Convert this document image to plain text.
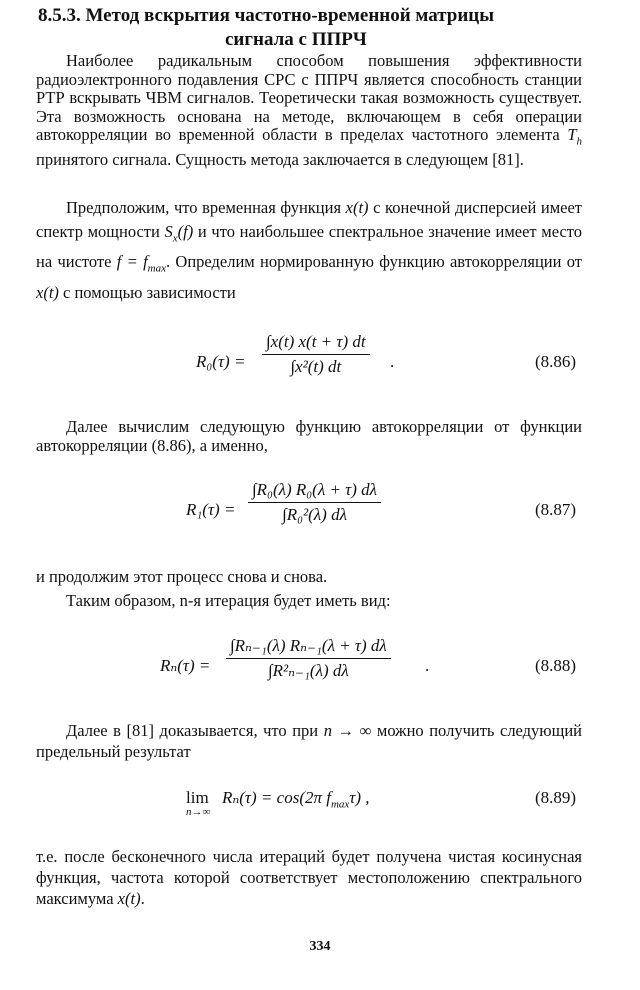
8.5.3. Метод вскрытия частотно-временной матрицы
сигнала с ППРЧ

Наиболее радикальным способом повышения эффективности радиоэлектронного подавления СРС с ППРЧ является способность станции РТР вскрывать ЧВМ сигналов. Теоретически такая возможность существует. Эта возможность основана на методе, включающем в себя операции автокорреляции во временной области в пределах частотного элемента $T_h$ принятого сигнала. Сущность метода заключается в следующем [81].

Предположим, что временная функция x(t) с конечной дисперсией имеет спектр мощности $S_x(f)$ и что наибольшее спектральное значение имеет место на чистоте $f = f_{max}$. Определим нормированную функцию автокорреляции от x(t) с помощью зависимости

R₀(τ) =
∫x(t) x(t + τ) dt
∫x²(t) dt	.	(8.86)

Далее вычислим следующую функцию автокорреляции от функции автокорреляции (8.86), а именно,

R₁(τ) =
∫R₀(λ) R₀(λ + τ) dλ
∫R₀²(λ) dλ	(8.87)

и продолжим этот процесс снова и снова.

Таким образом, n-я итерация будет иметь вид:

Rₙ(τ) =
∫Rₙ₋₁(λ) Rₙ₋₁(λ + τ) dλ
∫R²ₙ₋₁(λ) dλ	.	(8.88)

Далее в [81] доказывается, что при n → ∞ можно получить следующий предельный результат

lim
n→∞
Rₙ(τ) = cos(2π $f_{max}\tau$) ,	(8.89)

т.е. после бесконечного числа итераций будет получена чистая косинусная функция, частота которой соответствует местоположению спектрального максимума x(t).

334
